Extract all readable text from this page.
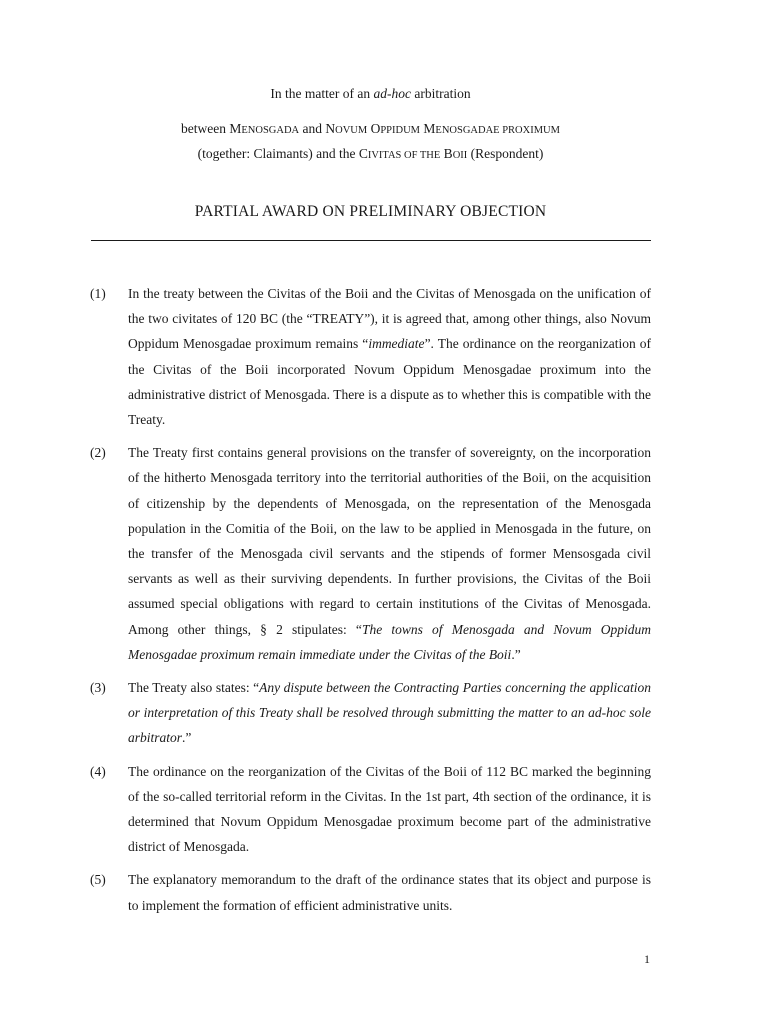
In the matter of an ad-hoc arbitration
between MENOSGADA and NOVUM OPPIDUM MENOSGADAE PROXIMUM
(together: Claimants) and the CIVITAS OF THE BOII (Respondent)
PARTIAL AWARD ON PRELIMINARY OBJECTION
(1) In the treaty between the Civitas of the Boii and the Civitas of Menosgada on the unification of the two civitates of 120 BC (the “TREATY”), it is agreed that, among other things, also Novum Oppidum Menosgadae proximum remains “immediate”. The ordinance on the reorganization of the Civitas of the Boii incorporated Novum Oppidum Menosgadae proximum into the administrative district of Menosgada. There is a dispute as to whether this is compatible with the Treaty.
(2) The Treaty first contains general provisions on the transfer of sovereignty, on the incorporation of the hitherto Menosgada territory into the territorial authorities of the Boii, on the acquisition of citizenship by the dependents of Menosgada, on the representation of the Menosgada population in the Comitia of the Boii, on the law to be applied in Menosgada in the future, on the transfer of the Menosgada civil servants and the stipends of former Mensosgada civil servants as well as their surviving dependents. In further provisions, the Civitas of the Boii assumed special obligations with regard to certain institutions of the Civitas of Menosgada. Among other things, § 2 stipulates: “The towns of Menosgada and Novum Oppidum Menosgadae proximum remain immediate under the Civitas of the Boii.”
(3) The Treaty also states: “Any dispute between the Contracting Parties concerning the application or interpretation of this Treaty shall be resolved through submitting the matter to an ad-hoc sole arbitrator.”
(4) The ordinance on the reorganization of the Civitas of the Boii of 112 BC marked the beginning of the so-called territorial reform in the Civitas. In the 1st part, 4th section of the ordinance, it is determined that Novum Oppidum Menosgadae proximum become part of the administrative district of Menosgada.
(5) The explanatory memorandum to the draft of the ordinance states that its object and purpose is to implement the formation of efficient administrative units.
1
